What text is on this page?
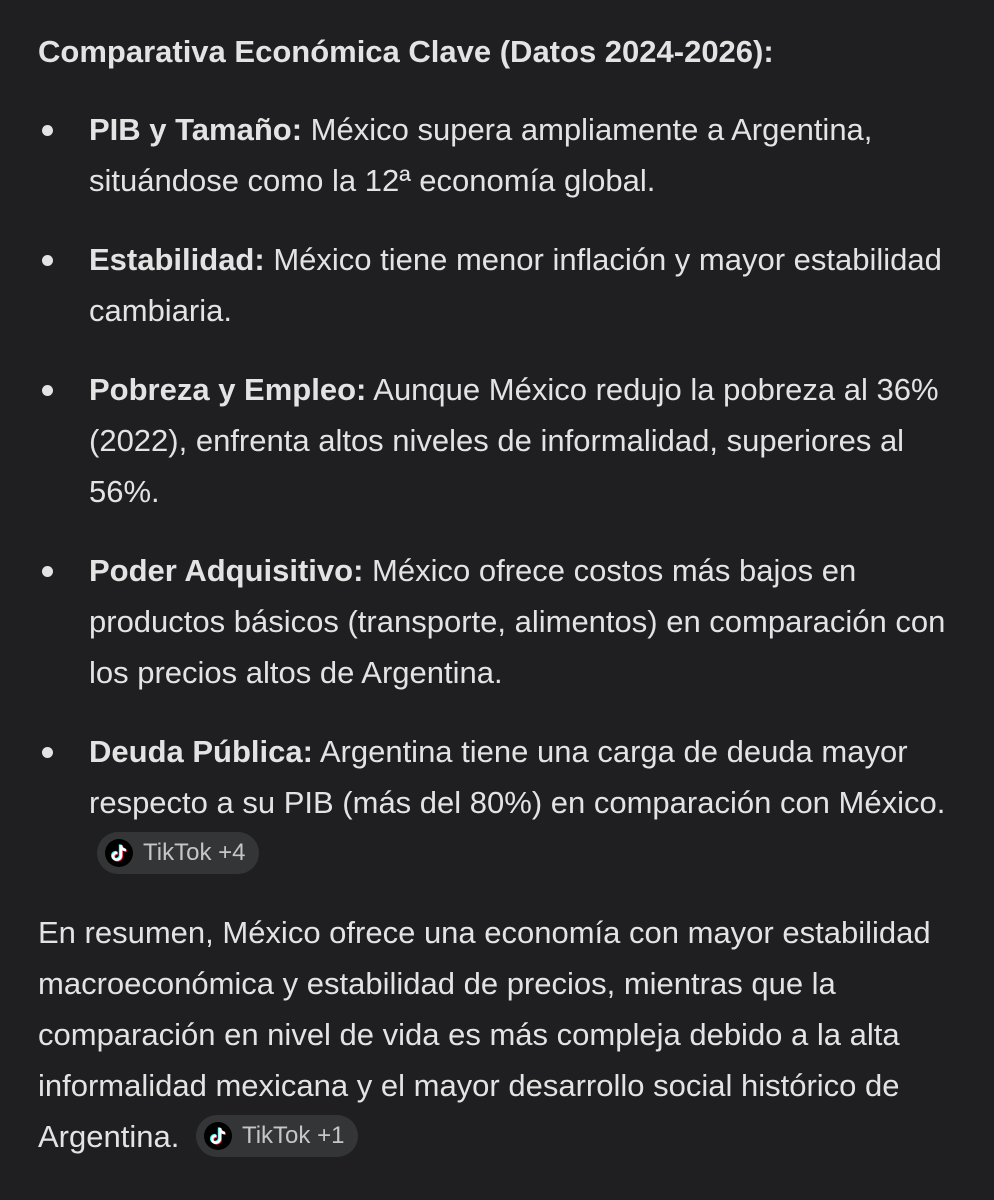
Comparativa Económica Clave (Datos 2024-2026):
PIB y Tamaño: México supera ampliamente a Argentina, situándose como la 12ª economía global.
Estabilidad: México tiene menor inflación y mayor estabilidad cambiaria.
Pobreza y Empleo: Aunque México redujo la pobreza al 36% (2022), enfrenta altos niveles de informalidad, superiores al 56%.
Poder Adquisitivo: México ofrece costos más bajos en productos básicos (transporte, alimentos) en comparación con los precios altos de Argentina.
Deuda Pública: Argentina tiene una carga de deuda mayor respecto a su PIB (más del 80%) en comparación con México.
TikTok +4

En resumen, México ofrece una economía con mayor estabilidad macroeconómica y estabilidad de precios, mientras que la comparación en nivel de vida es más compleja debido a la alta informalidad mexicana y el mayor desarrollo social histórico de Argentina.	TikTok +1
